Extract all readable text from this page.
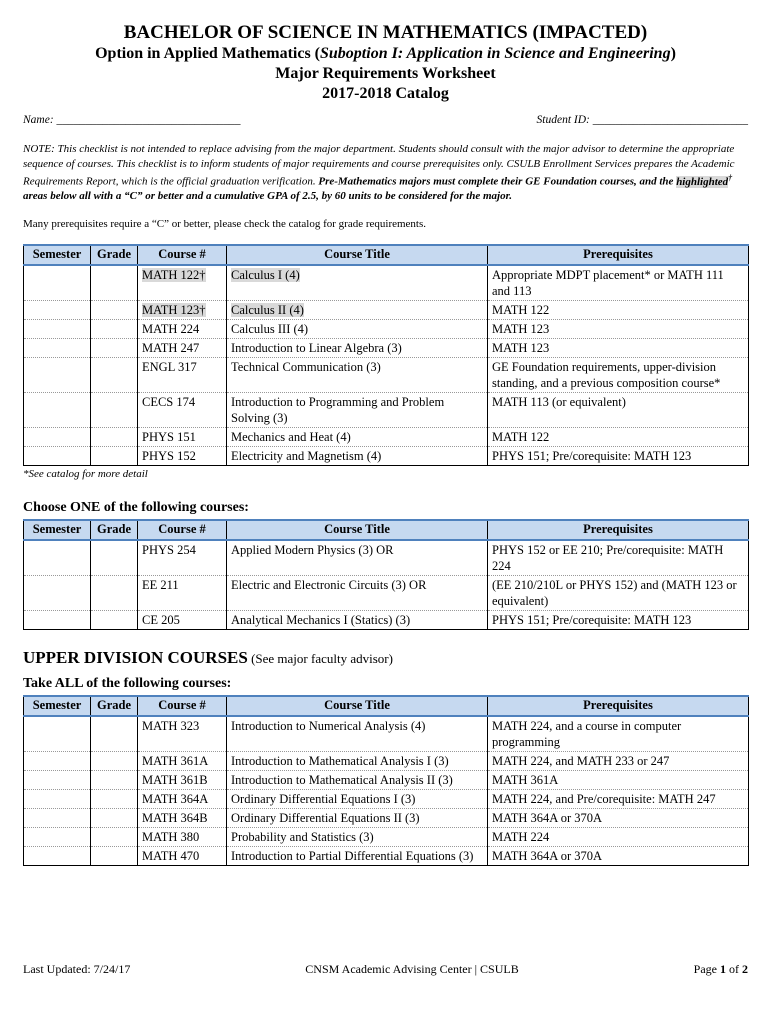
BACHELOR OF SCIENCE IN MATHEMATICS (IMPACTED)
Option in Applied Mathematics (Suboption I: Application in Science and Engineering)
Major Requirements Worksheet
2017-2018 Catalog
Name: ________________________________	Student ID: ___________________________
NOTE: This checklist is not intended to replace advising from the major department. Students should consult with the major advisor to determine the appropriate sequence of courses. This checklist is to inform students of major requirements and course prerequisites only. CSULB Enrollment Services prepares the Academic Requirements Report, which is the official graduation verification. Pre-Mathematics majors must complete their GE Foundation courses, and the highlighted† areas below all with a “C” or better and a cumulative GPA of 2.5, by 60 units to be considered for the major.
Many prerequisites require a “C” or better, please check the catalog for grade requirements.
Semester	Grade	Course #	Course Title	Prerequisites
		MATH 122†	Calculus I (4)	Appropriate MDPT placement* or MATH 111 and 113
		MATH 123†	Calculus II (4)	MATH 122
		MATH 224	Calculus III (4)	MATH 123
		MATH 247	Introduction to Linear Algebra (3)	MATH 123
		ENGL 317	Technical Communication (3)	GE Foundation requirements, upper-division standing, and a previous composition course*
		CECS 174	Introduction to Programming and Problem Solving (3)	MATH 113 (or equivalent)
		PHYS 151	Mechanics and Heat (4)	MATH 122
		PHYS 152	Electricity and Magnetism (4)	PHYS 151; Pre/corequisite: MATH 123
*See catalog for more detail
Choose ONE of the following courses:
Semester	Grade	Course #	Course Title	Prerequisites
		PHYS 254	Applied Modern Physics (3) OR	PHYS 152 or EE 210; Pre/corequisite: MATH 224
		EE 211	Electric and Electronic Circuits (3) OR	(EE 210/210L or PHYS 152) and (MATH 123 or equivalent)
		CE 205	Analytical Mechanics I (Statics) (3)	PHYS 151; Pre/corequisite: MATH 123
UPPER DIVISION COURSES (See major faculty advisor)
Take ALL of the following courses:
Semester	Grade	Course #	Course Title	Prerequisites
		MATH 323	Introduction to Numerical Analysis (4)	MATH 224, and a course in computer programming
		MATH 361A	Introduction to Mathematical Analysis I (3)	MATH 224, and MATH 233 or 247
		MATH 361B	Introduction to Mathematical Analysis II (3)	MATH 361A
		MATH 364A	Ordinary Differential Equations I (3)	MATH 224, and Pre/corequisite: MATH 247
		MATH 364B	Ordinary Differential Equations II (3)	MATH 364A or 370A
		MATH 380	Probability and Statistics (3)	MATH 224
		MATH 470	Introduction to Partial Differential Equations (3)	MATH 364A or 370A
Last Updated: 7/24/17	CNSM Academic Advising Center | CSULB	Page 1 of 2
